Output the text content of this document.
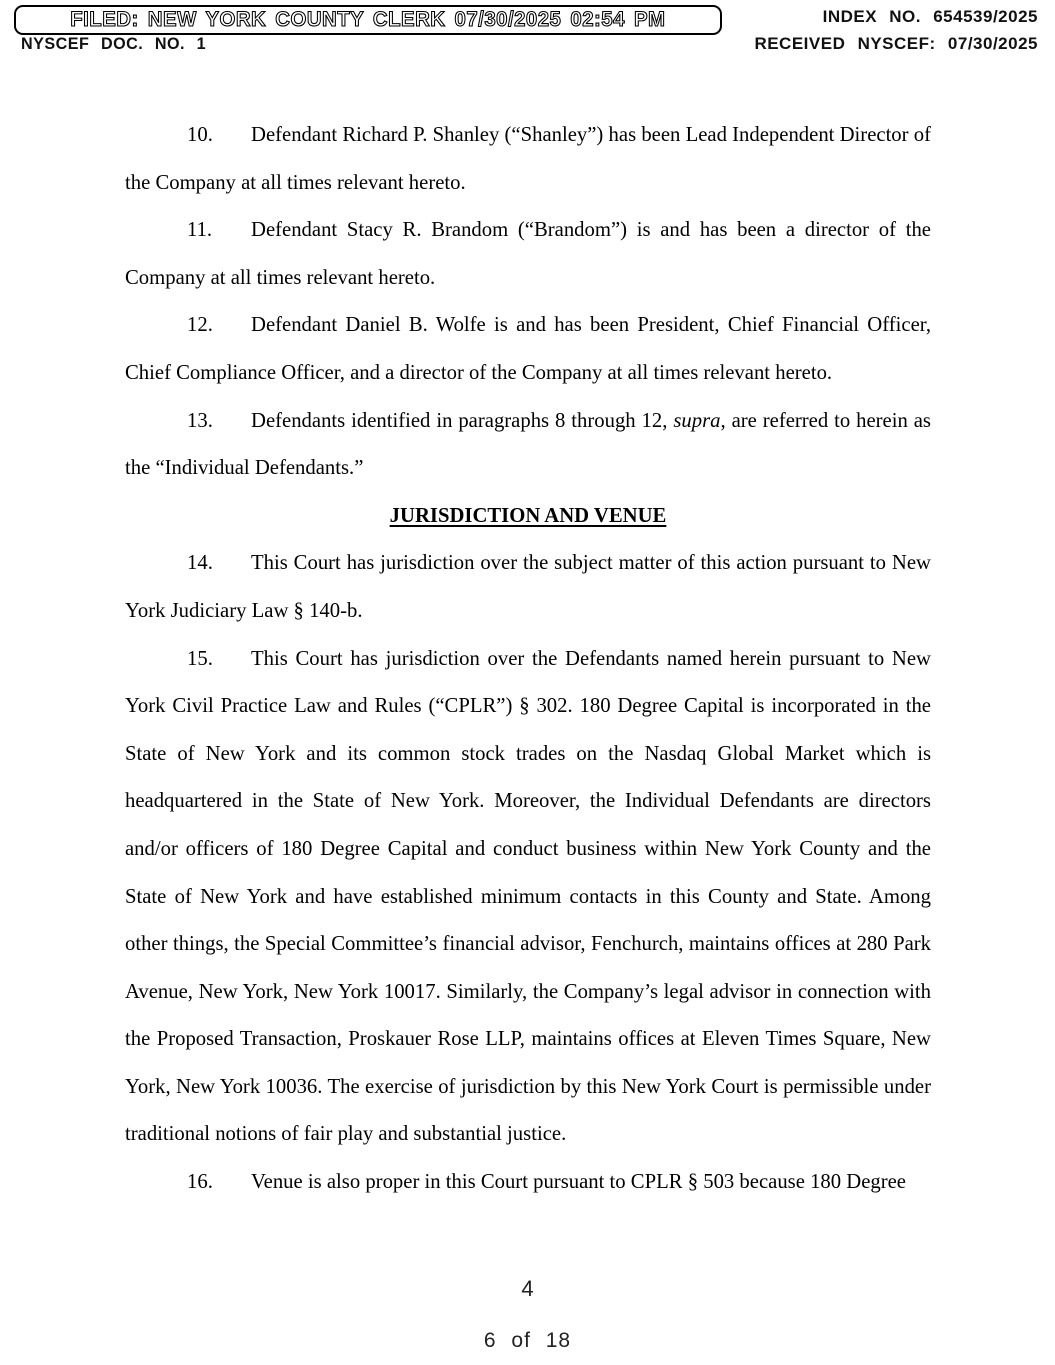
FILED: NEW YORK COUNTY CLERK 07/30/2025 02:54 PM
NYSCEF DOC. NO. 1
INDEX NO. 654539/2025
RECEIVED NYSCEF: 07/30/2025

10. Defendant Richard P. Shanley (“Shanley”) has been Lead Independent Director of the Company at all times relevant hereto.

11. Defendant Stacy R. Brandom (“Brandom”) is and has been a director of the Company at all times relevant hereto.

12. Defendant Daniel B. Wolfe is and has been President, Chief Financial Officer, Chief Compliance Officer, and a director of the Company at all times relevant hereto.

13. Defendants identified in paragraphs 8 through 12, supra, are referred to herein as the “Individual Defendants.”

JURISDICTION AND VENUE

14. This Court has jurisdiction over the subject matter of this action pursuant to New York Judiciary Law § 140-b.

15. This Court has jurisdiction over the Defendants named herein pursuant to New York Civil Practice Law and Rules (“CPLR”) § 302. 180 Degree Capital is incorporated in the State of New York and its common stock trades on the Nasdaq Global Market which is headquartered in the State of New York. Moreover, the Individual Defendants are directors and/or officers of 180 Degree Capital and conduct business within New York County and the State of New York and have established minimum contacts in this County and State. Among other things, the Special Committee’s financial advisor, Fenchurch, maintains offices at 280 Park Avenue, New York, New York 10017. Similarly, the Company’s legal advisor in connection with the Proposed Transaction, Proskauer Rose LLP, maintains offices at Eleven Times Square, New York, New York 10036. The exercise of jurisdiction by this New York Court is permissible under traditional notions of fair play and substantial justice.

16. Venue is also proper in this Court pursuant to CPLR § 503 because 180 Degree

4
6 of 18
